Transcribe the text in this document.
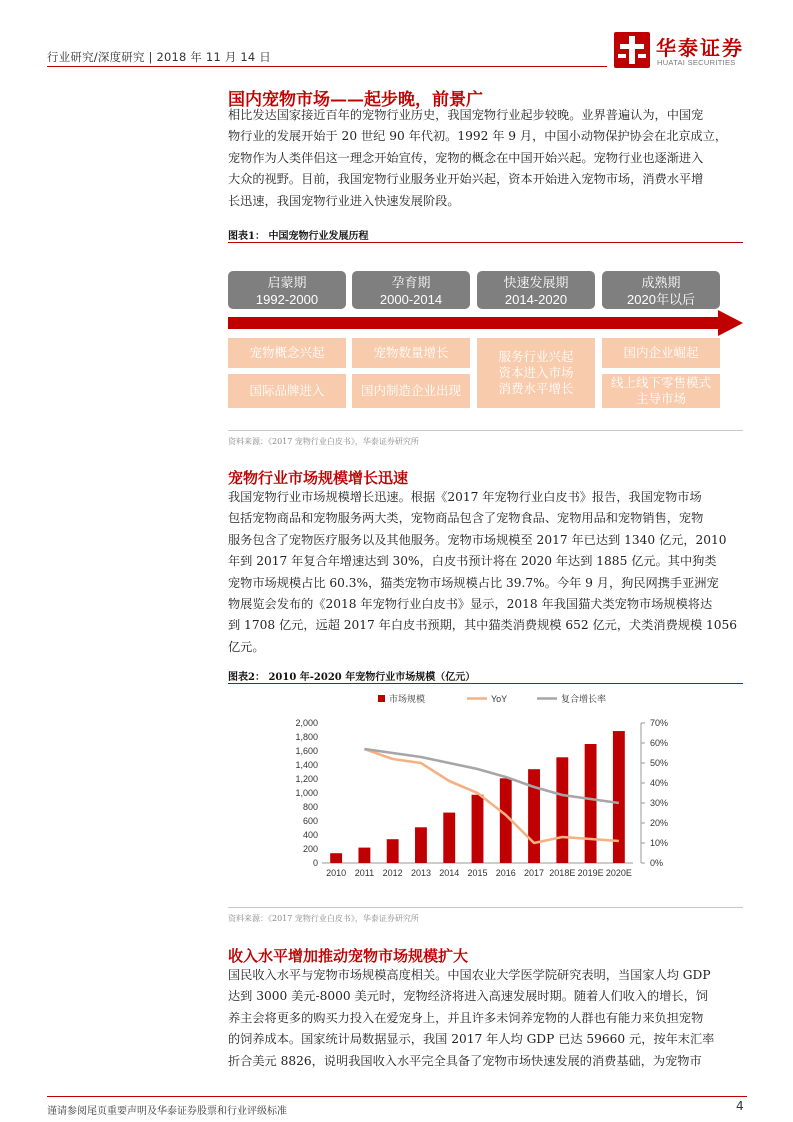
行业研究/深度研究 | 2018 年 11 月 14 日	华泰证券
HUATAI SECURITIES
国内宠物市场——起步晚，前景广
相比发达国家接近百年的宠物行业历史，我国宠物行业起步较晚。业界普遍认为，中国宠
物行业的发展开始于 20 世纪 90 年代初。1992 年 9 月，中国小动物保护协会在北京成立，
宠物作为人类伴侣这一理念开始宣传，宠物的概念在中国开始兴起。宠物行业也逐渐进入
大众的视野。目前，我国宠物行业服务业开始兴起，资本开始进入宠物市场，消费水平增
长迅速，我国宠物行业进入快速发展阶段。
图表1： 中国宠物行业发展历程
启蒙期
1992-2000
孕育期
2000-2014
快速发展期
2014-2020
成熟期
2020年以后
宠物概念兴起
国际品牌进入
宠物数量增长
国内制造企业出现
服务行业兴起
资本进入市场
消费水平增长
国内企业崛起
线上线下零售模式主导市场
资料来源：《2017 宠物行业白皮书》，华泰证券研究所
宠物行业市场规模增长迅速
我国宠物行业市场规模增长迅速。根据《2017 年宠物行业白皮书》报告，我国宠物市场
包括宠物商品和宠物服务两大类，宠物商品包含了宠物食品、宠物用品和宠物销售，宠物
服务包含了宠物医疗服务以及其他服务。宠物市场规模至 2017 年已达到 1340 亿元，2010
年到 2017 年复合年增速达到 30%，白皮书预计将在 2020 年达到 1885 亿元。其中狗类
宠物市场规模占比 60.3%，猫类宠物市场规模占比 39.7%。今年 9 月，狗民网携手亚洲宠
物展览会发布的《2018 年宠物行业白皮书》显示，2018 年我国猫犬类宠物市场规模将达
到 1708 亿元，远超 2017 年白皮书预期，其中猫类消费规模 652 亿元，犬类消费规模 1056
亿元。
图表2： 2010 年-2020 年宠物行业市场规模（亿元）
市场规模	YoY	复合增长率
0
200
400
600
800
1,000
1,200
1,400
1,600
1,800
2,000
0%
10%
20%
30%
40%
50%
60%
70%
2010 2011 2012 2013 2014 2015 2016 2017 2018E 2019E 2020E
资料来源：《2017 宠物行业白皮书》，华泰证券研究所
收入水平增加推动宠物市场规模扩大
国民收入水平与宠物市场规模高度相关。中国农业大学医学院研究表明，当国家人均 GDP
达到 3000 美元-8000 美元时，宠物经济将进入高速发展时期。随着人们收入的增长，饲
养主会将更多的购买力投入在爱宠身上，并且许多未饲养宠物的人群也有能力来负担宠物
的饲养成本。国家统计局数据显示，我国 2017 年人均 GDP 已达 59660 元，按年末汇率
折合美元 8826，说明我国收入水平完全具备了宠物市场快速发展的消费基础，为宠物市
谨请参阅尾页重要声明及华泰证券股票和行业评级标准	4
